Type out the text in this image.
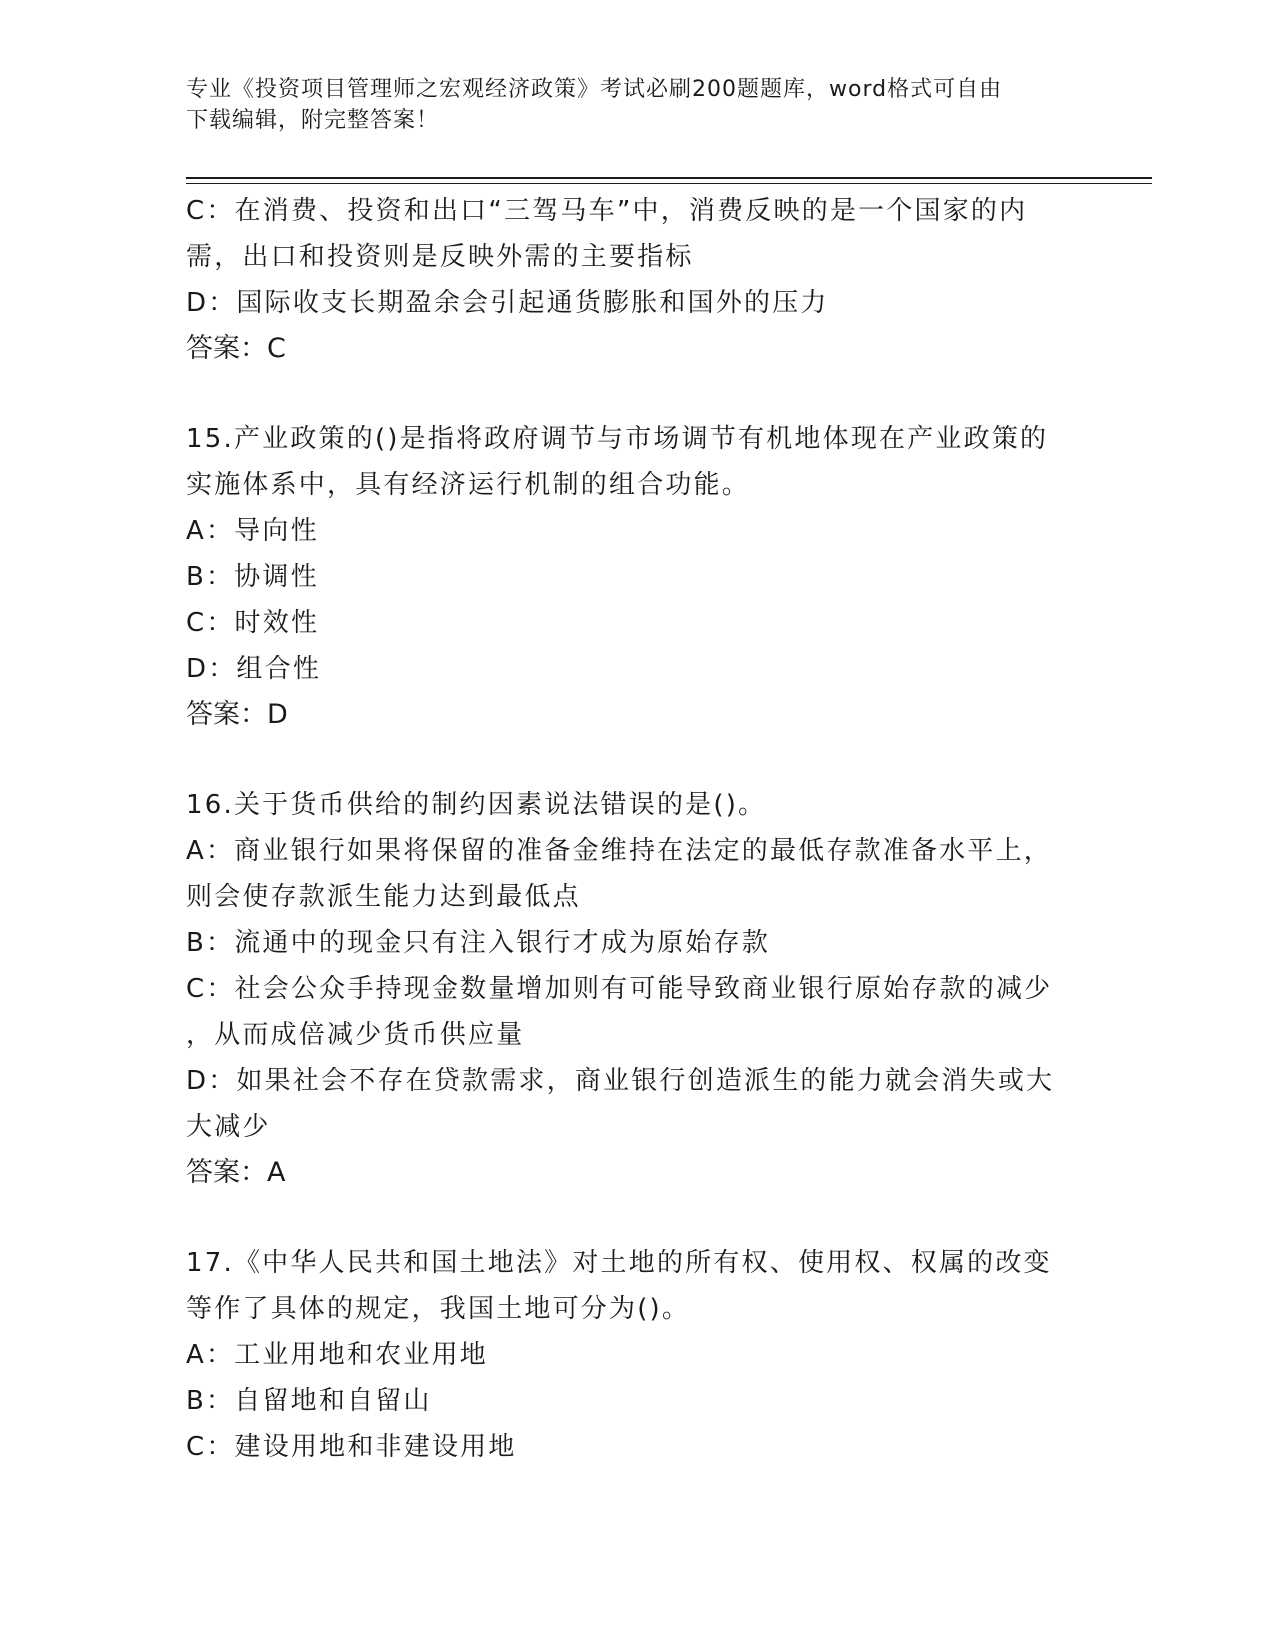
专业《投资项目管理师之宏观经济政策》考试必刷200题题库，word格式可自由
下载编辑，附完整答案！
C：在消费、投资和出口“三驾马车”中，消费反映的是一个国家的内
需，出口和投资则是反映外需的主要指标
D：国际收支长期盈余会引起通货膨胀和国外的压力
答案：C
15.产业政策的()是指将政府调节与市场调节有机地体现在产业政策的
实施体系中，具有经济运行机制的组合功能。
A：导向性
B：协调性
C：时效性
D：组合性
答案：D
16.关于货币供给的制约因素说法错误的是()。
A：商业银行如果将保留的准备金维持在法定的最低存款准备水平上，
则会使存款派生能力达到最低点
B：流通中的现金只有注入银行才成为原始存款
C：社会公众手持现金数量增加则有可能导致商业银行原始存款的减少
，从而成倍减少货币供应量
D：如果社会不存在贷款需求，商业银行创造派生的能力就会消失或大
大减少
答案：A
17.《中华人民共和国土地法》对土地的所有权、使用权、权属的改变
等作了具体的规定，我国土地可分为()。
A：工业用地和农业用地
B：自留地和自留山
C：建设用地和非建设用地
